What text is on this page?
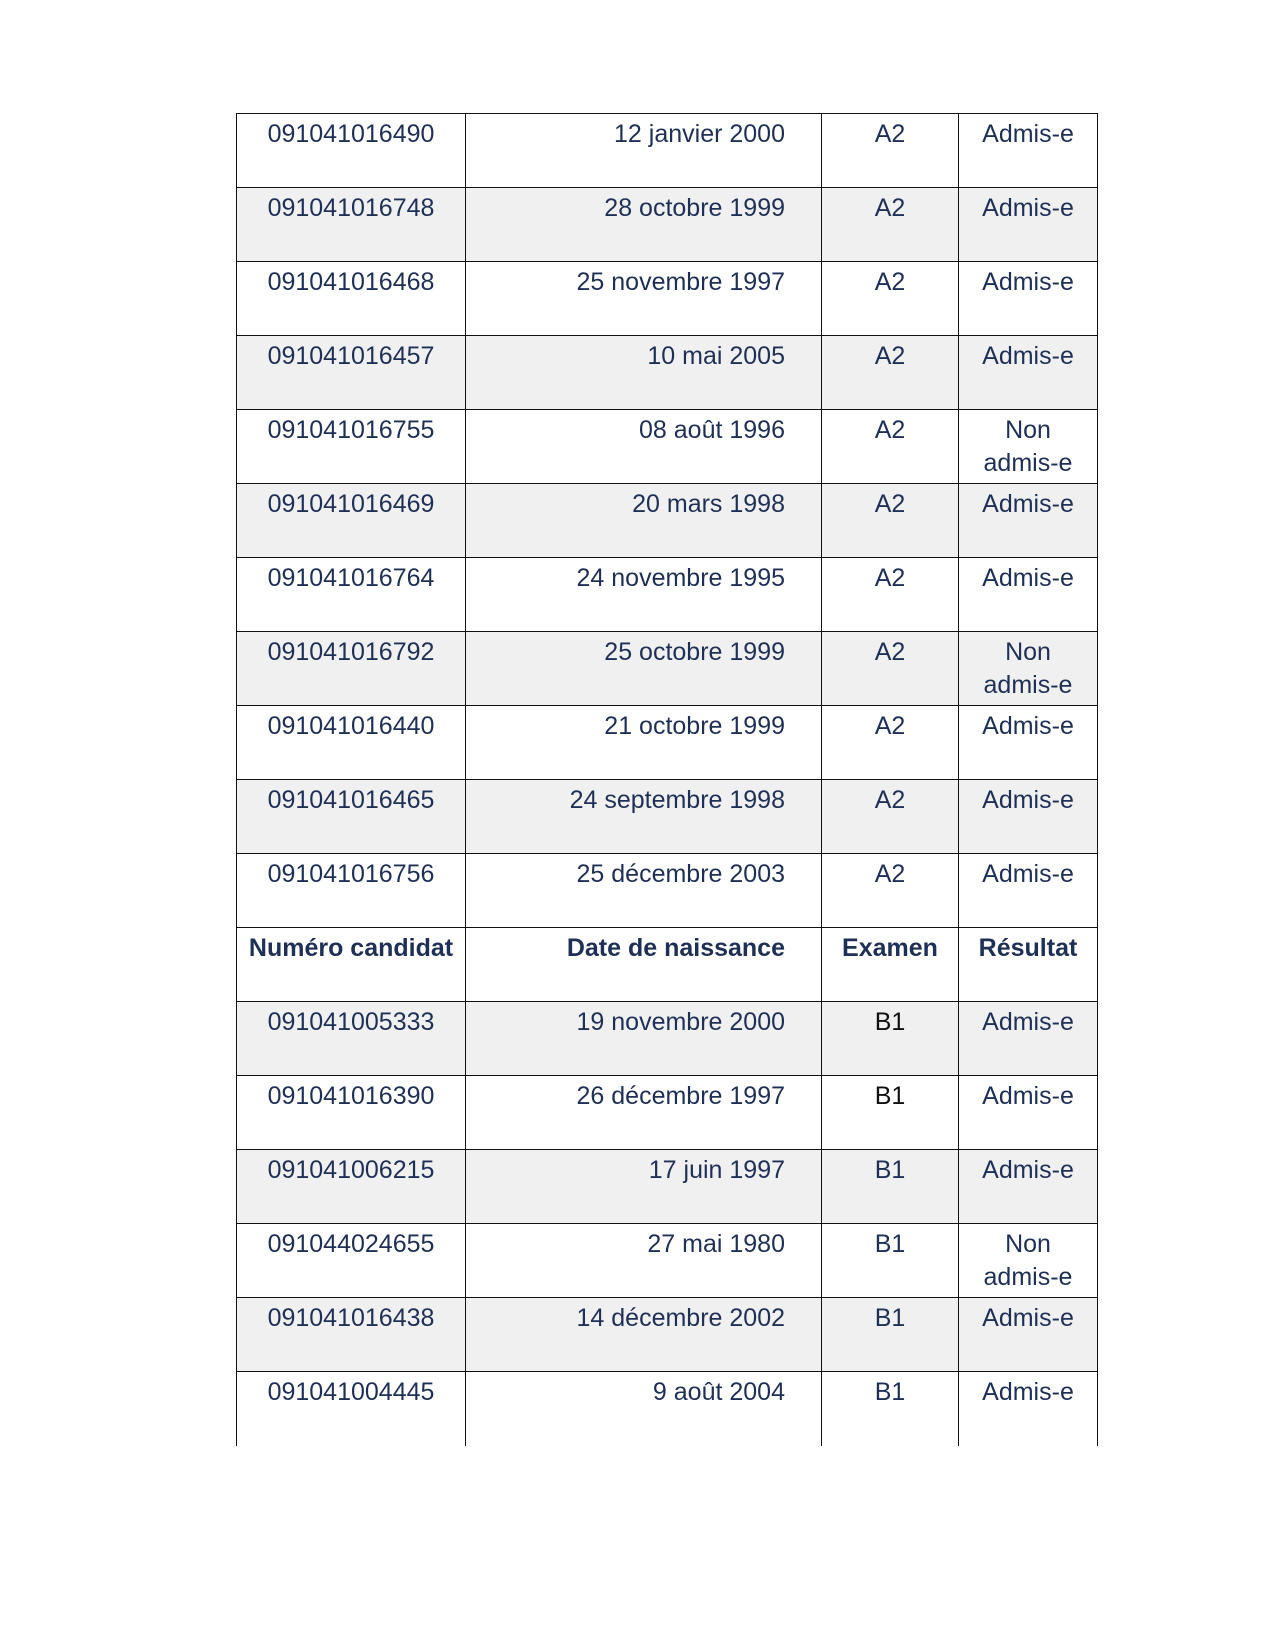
091041016490	12 janvier 2000	A2	Admis-e
091041016748	28 octobre 1999	A2	Admis-e
091041016468	25 novembre 1997	A2	Admis-e
091041016457	10 mai 2005	A2	Admis-e
091041016755	08 août 1996	A2	Non admis-e
091041016469	20 mars 1998	A2	Admis-e
091041016764	24 novembre 1995	A2	Admis-e
091041016792	25 octobre 1999	A2	Non admis-e
091041016440	21 octobre 1999	A2	Admis-e
091041016465	24 septembre 1998	A2	Admis-e
091041016756	25 décembre 2003	A2	Admis-e
Numéro candidat	Date de naissance	Examen	Résultat
091041005333	19 novembre 2000	B1	Admis-e
091041016390	26 décembre 1997	B1	Admis-e
091041006215	17 juin 1997	B1	Admis-e
091044024655	27 mai 1980	B1	Non admis-e
091041016438	14 décembre 2002	B1	Admis-e
091041004445	9 août 2004	B1	Admis-e
